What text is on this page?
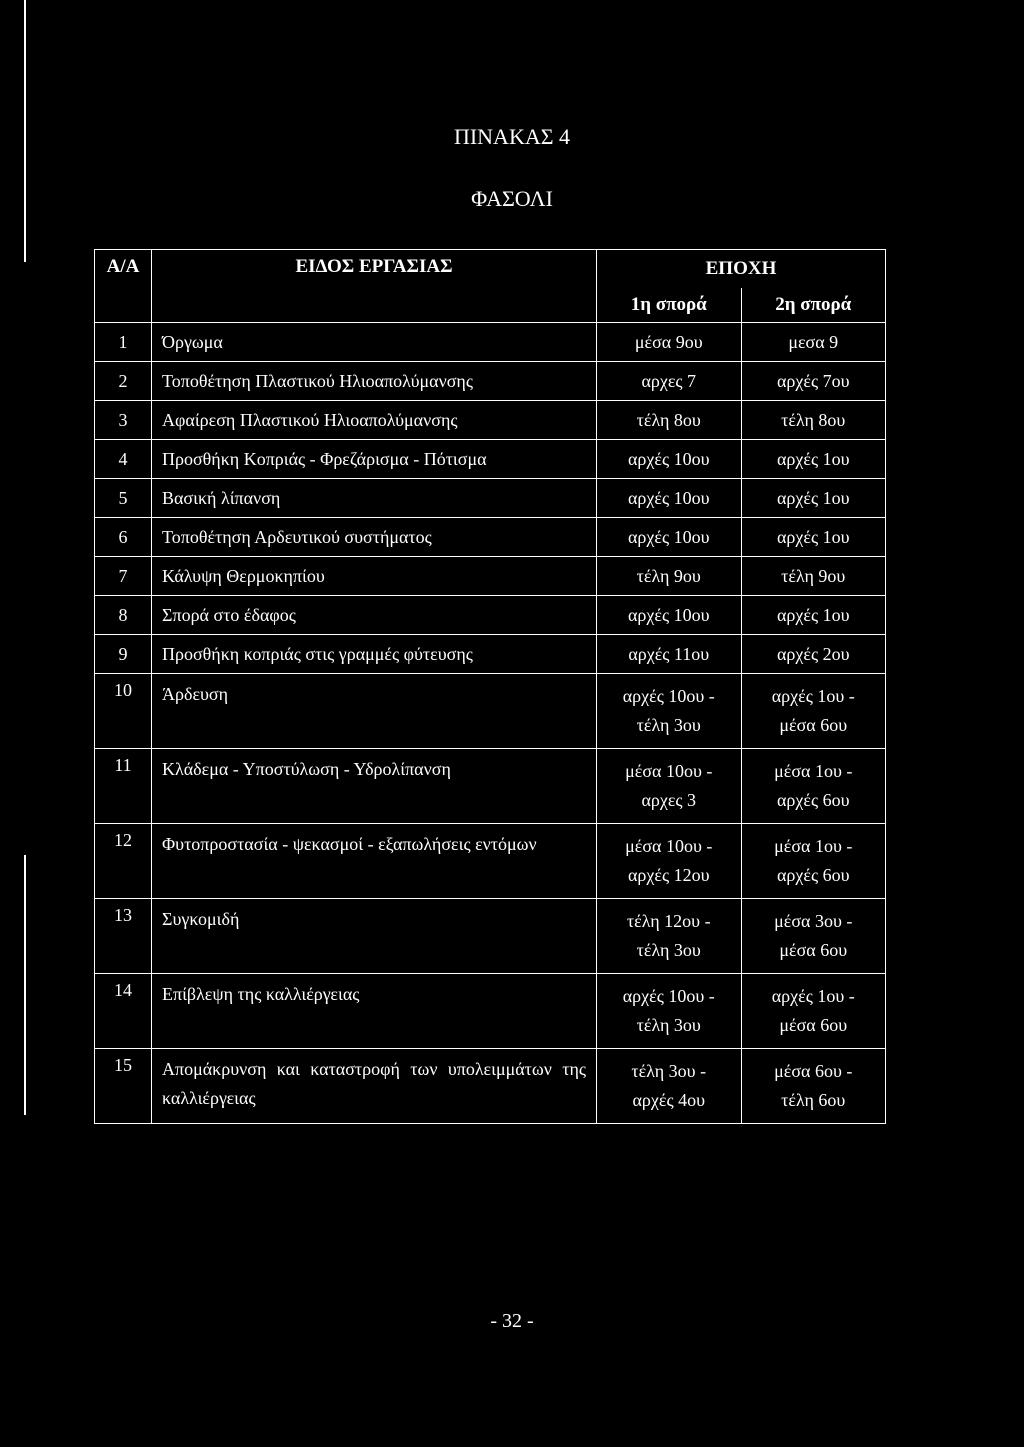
ΠΙΝΑΚΑΣ 4
ΦΑΣΟΛΙ
Α/Α	ΕΙΔΟΣ ΕΡΓΑΣΙΑΣ	ΕΠΟΧΗ	
		1η σπορά	2η σπορά
1	Όργωμα	μέσα 9ου	μεσα 9

2	Τοποθέτηση Πλαστικού Ηλιοαπολύμανσης	αρχες 7	αρχές 7ου

3	Αφαίρεση Πλαστικού Ηλιοαπολύμανσης	τέλη 8ου	τέλη 8ου

4	Προσθήκη Κοπριάς - Φρεζάρισμα - Πότισμα	αρχές 10ου	αρχές 1ου

5	Βασική λίπανση	αρχές 10ου	αρχές 1ου

6	Τοποθέτηση Αρδευτικού συστήματος	αρχές 10ου	αρχές 1ου

7	Κάλυψη Θερμοκηπίου	τέλη 9ου	τέλη 9ου

8	Σπορά στο έδαφος	αρχές 10ου	αρχές 1ου

9	Προσθήκη κοπριάς στις γραμμές φύτευσης	αρχές 11ου	αρχές 2ου

10	Άρδευση	αρχές 10ου -
τέλη 3ου	αρχές 1ου -
μέσα 6ου

11	Κλάδεμα - Υποστύλωση - Υδρολίπανση	μέσα 10ου -
αρχες 3	μέσα 1ου -
αρχές 6ου

12	Φυτοπροστασία - ψεκασμοί - εξαπωλήσεις εντόμων	μέσα 10ου -
αρχές 12ου	μέσα 1ου -
αρχές 6ου

13	Συγκομιδή	τέλη 12ου -
τέλη 3ου	μέσα 3ου -
μέσα 6ου

14	Επίβλεψη της καλλιέργειας	αρχές 10ου -
τέλη 3ου	αρχές 1ου -
μέσα 6ου

15	Απομάκρυνση και καταστροφή των υπολειμμάτων της καλλιέργειας	τέλη 3ου -
αρχές 4ου	μέσα 6ου -
τέλη 6ου
- 32 -
